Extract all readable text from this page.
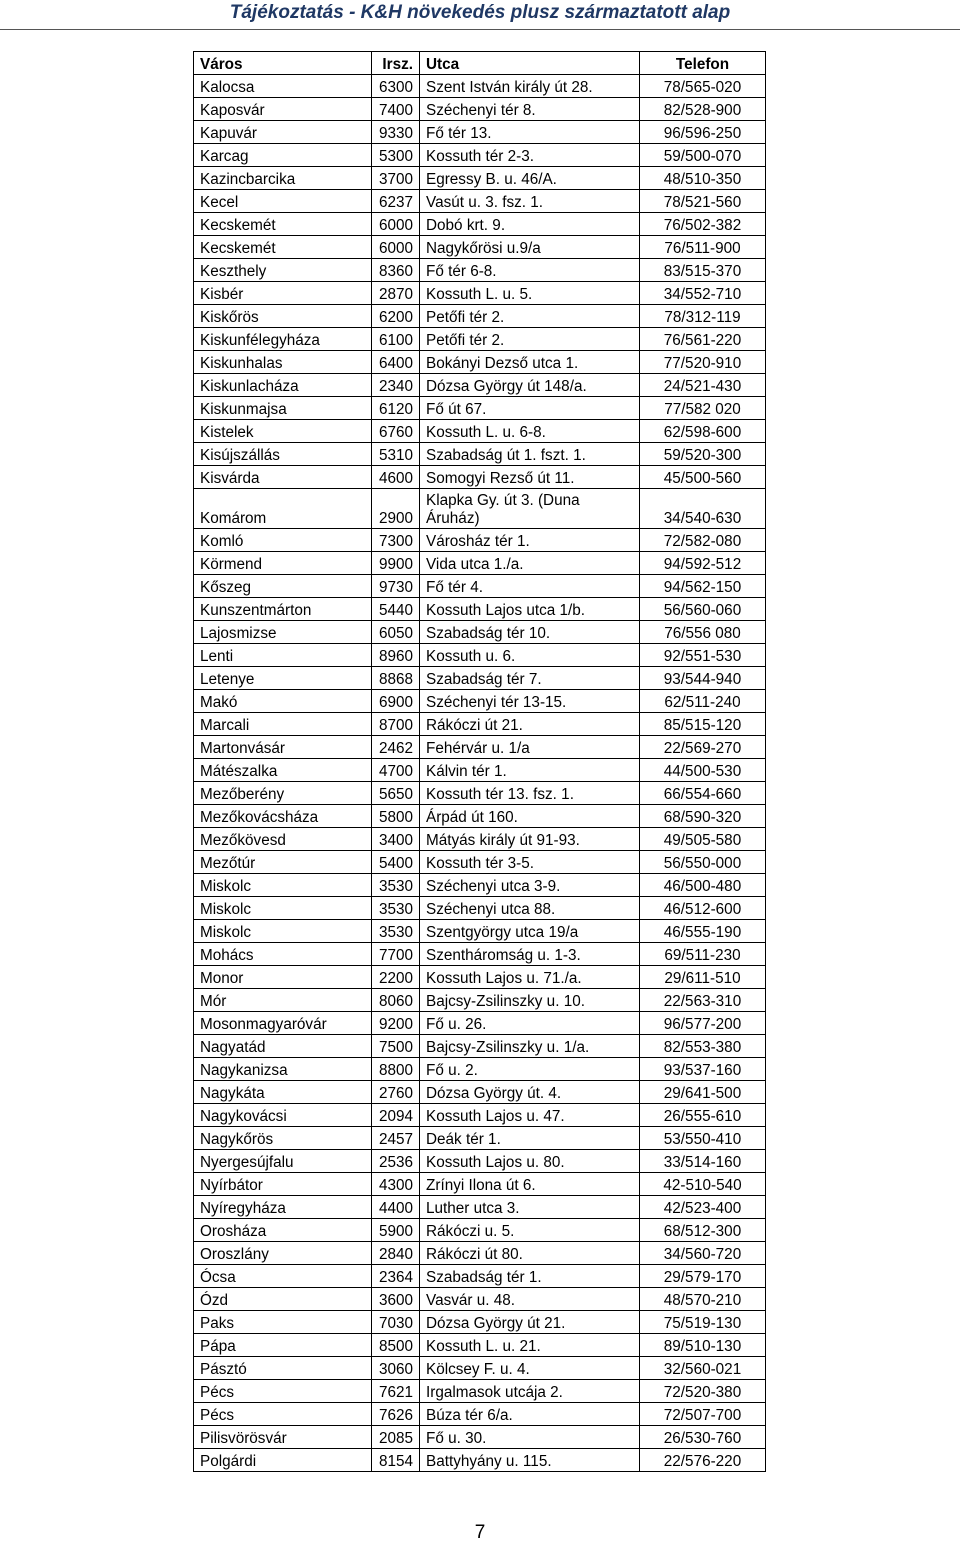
Tájékoztatás - K&H növekedés plusz származtatott alap
Város	Irsz.	Utca	Telefon
Kalocsa	6300	Szent István király út 28.	78/565-020
Kaposvár	7400	Széchenyi tér 8.	82/528-900
Kapuvár	9330	Fő tér 13.	96/596-250
Karcag	5300	Kossuth tér 2-3.	59/500-070
Kazincbarcika	3700	Egressy B. u. 46/A.	48/510-350
Kecel	6237	Vasút u. 3. fsz. 1.	78/521-560
Kecskemét	6000	Dobó krt. 9.	76/502-382
Kecskemét	6000	Nagykőrösi u.9/a	76/511-900
Keszthely	8360	Fő tér 6-8.	83/515-370
Kisbér	2870	Kossuth L. u. 5.	34/552-710
Kiskőrös	6200	Petőfi tér 2.	78/312-119
Kiskunfélegyháza	6100	Petőfi tér 2.	76/561-220
Kiskunhalas	6400	Bokányi Dezső utca 1.	77/520-910
Kiskunlacháza	2340	Dózsa György út 148/a.	24/521-430
Kiskunmajsa	6120	Fő út 67.	77/582 020
Kistelek	6760	Kossuth L. u. 6-8.	62/598-600
Kisújszállás	5310	Szabadság út 1. fszt. 1.	59/520-300
Kisvárda	4600	Somogyi Rezső út 11.	45/500-560
Komárom	2900	Klapka Gy. út 3. (Duna Áruház)	34/540-630
Komló	7300	Városház tér 1.	72/582-080
Körmend	9900	Vida utca 1./a.	94/592-512
Kőszeg	9730	Fő tér 4.	94/562-150
Kunszentmárton	5440	Kossuth Lajos utca 1/b.	56/560-060
Lajosmizse	6050	Szabadság tér 10.	76/556 080
Lenti	8960	Kossuth u. 6.	92/551-530
Letenye	8868	Szabadság tér 7.	93/544-940
Makó	6900	Széchenyi tér 13-15.	62/511-240
Marcali	8700	Rákóczi út 21.	85/515-120
Martonvásár	2462	Fehérvár u. 1/a	22/569-270
Mátészalka	4700	Kálvin tér 1.	44/500-530
Mezőberény	5650	Kossuth tér 13. fsz. 1.	66/554-660
Mezőkovácsháza	5800	Árpád út 160.	68/590-320
Mezőkövesd	3400	Mátyás király út 91-93.	49/505-580
Mezőtúr	5400	Kossuth tér 3-5.	56/550-000
Miskolc	3530	Széchenyi utca 3-9.	46/500-480
Miskolc	3530	Széchenyi utca 88.	46/512-600
Miskolc	3530	Szentgyörgy utca 19/a	46/555-190
Mohács	7700	Szentháromság u. 1-3.	69/511-230
Monor	2200	Kossuth Lajos u. 71./a.	29/611-510
Mór	8060	Bajcsy-Zsilinszky u. 10.	22/563-310
Mosonmagyaróvár	9200	Fő u. 26.	96/577-200
Nagyatád	7500	Bajcsy-Zsilinszky u. 1/a.	82/553-380
Nagykanizsa	8800	Fő u. 2.	93/537-160
Nagykáta	2760	Dózsa György út. 4.	29/641-500
Nagykovácsi	2094	Kossuth Lajos u. 47.	26/555-610
Nagykőrös	2457	Deák tér 1.	53/550-410
Nyergesújfalu	2536	Kossuth Lajos u. 80.	33/514-160
Nyírbátor	4300	Zrínyi Ilona út 6.	42-510-540
Nyíregyháza	4400	Luther utca 3.	42/523-400
Orosháza	5900	Rákóczi u. 5.	68/512-300
Oroszlány	2840	Rákóczi út 80.	34/560-720
Ócsa	2364	Szabadság tér 1.	29/579-170
Ózd	3600	Vasvár u. 48.	48/570-210
Paks	7030	Dózsa György út 21.	75/519-130
Pápa	8500	Kossuth L. u. 21.	89/510-130
Pásztó	3060	Kölcsey F. u. 4.	32/560-021
Pécs	7621	Irgalmasok utcája 2.	72/520-380
Pécs	7626	Búza tér 6/a.	72/507-700
Pilisvörösvár	2085	Fő u. 30.	26/530-760
Polgárdi	8154	Battyhyány u. 115.	22/576-220
7
